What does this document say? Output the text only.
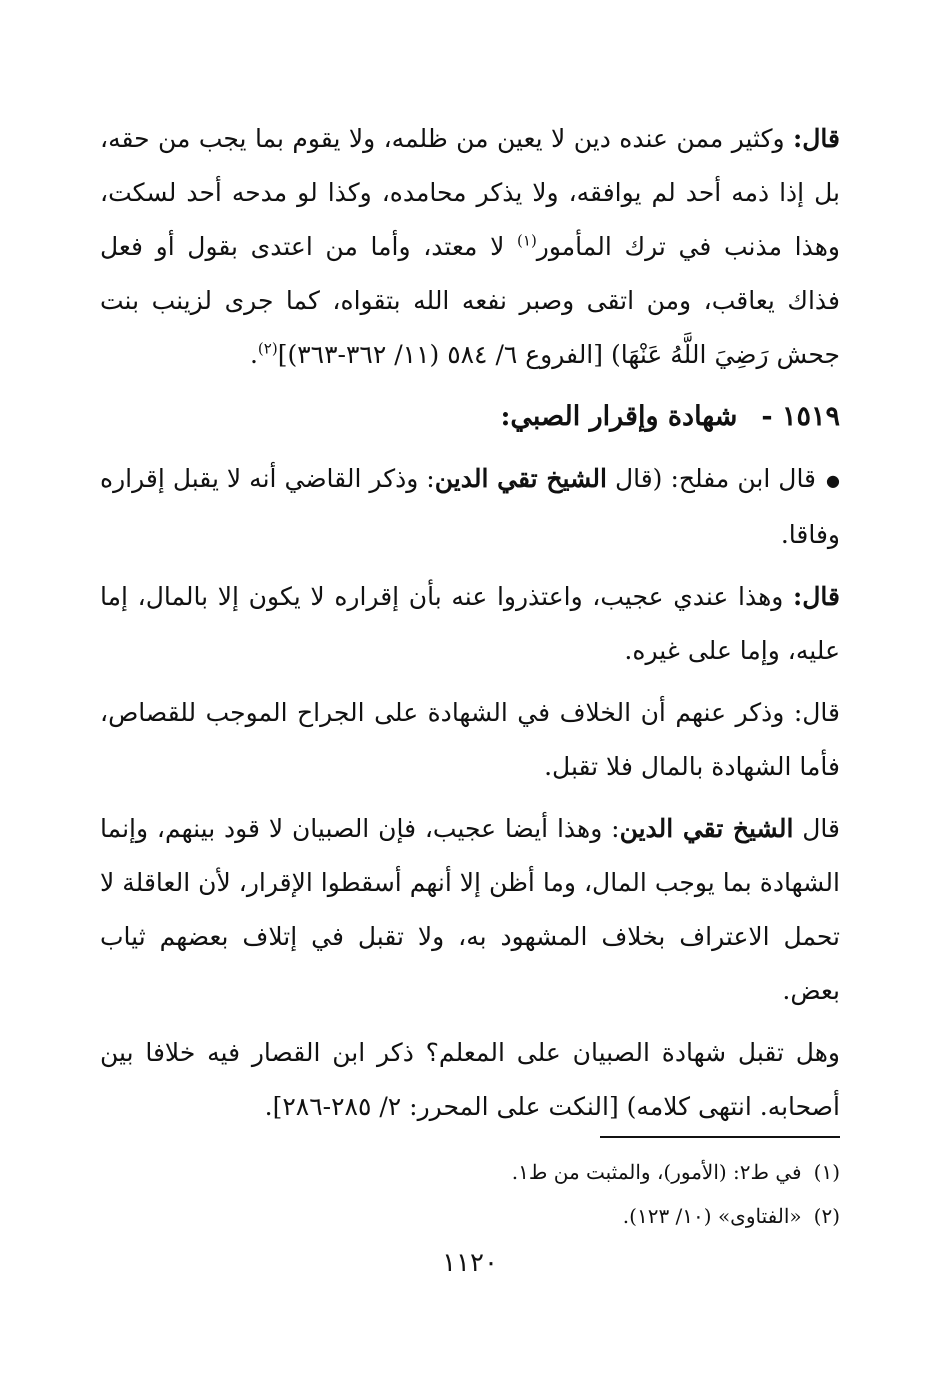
قال: وكثير ممن عنده دين لا يعين من ظلمه، ولا يقوم بما يجب من حقه، بل إذا ذمه أحد لم يوافقه، ولا يذكر محامده، وكذا لو مدحه أحد لسكت، وهذا مذنب في ترك المأمور$^{(١)}$ لا معتد، وأما من اعتدى بقول أو فعل فذاك يعاقب، ومن اتقى وصبر نفعه الله بتقواه، كما جرى لزينب بنت جحش رَضِيَ اللَّهُ عَنْهَا) [الفروع ٦/ ٥٨٤ (١١/ ٣٦٢-٣٦٣)]$^{(٢)}$.

١٥١٩ -شهادة وإقرار الصبي:

●قال ابن مفلح: (قال الشيخ تقي الدين: وذكر القاضي أنه لا يقبل إقراره وفاقا.

قال: وهذا عندي عجيب، واعتذروا عنه بأن إقراره لا يكون إلا بالمال، إما عليه، وإما على غيره.

قال: وذكر عنهم أن الخلاف في الشهادة على الجراح الموجب للقصاص، فأما الشهادة بالمال فلا تقبل.

قال الشيخ تقي الدين: وهذا أيضا عجيب، فإن الصبيان لا قود بينهم، وإنما الشهادة بما يوجب المال، وما أظن إلا أنهم أسقطوا الإقرار، لأن العاقلة لا تحمل الاعتراف بخلاف المشهود به، ولا تقبل في إتلاف بعضهم ثياب بعض.

وهل تقبل شهادة الصبيان على المعلم؟ ذكر ابن القصار فيه خلافا بين أصحابه. انتهى كلامه) [النكت على المحرر: ٢/ ٢٨٥-٢٨٦].

(١)في ط٢: (الأمور)، والمثبت من ط١.
(٢)«الفتاوى» (١٠/ ١٢٣).
١١٢٠
